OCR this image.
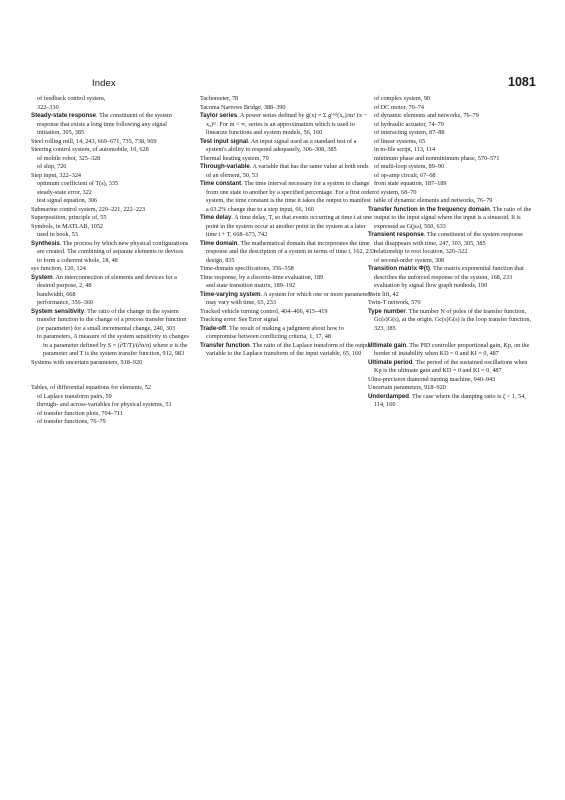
Index	1081

of feedback control system,

322–330

Steady-state response. The constituent of the system response that exists a long time following any signal initiation, 305, 385

Steel rolling mill, 14, 243, 669–671, 735, 738, 969

Steering control system, of automobile, 10, 628

of mobile robot, 325–328

of ship, 726

Step input, 322–324

optimum coefficient of T(s), 335

steady-state error, 322

test signal equation, 306

Submarine control system, 220–221, 222–223

Superposition, principle of, 55

Symbols, in MATLAB, 1052

used in book, 53

Synthesis. The process by which new physical configurations are created. The combining of separate elements or devices to form a coherent whole, 18, 48

sys function, 120, 124

System. An interconnection of elements and devices for a desired purpose, 2, 48

bandwidth, 668

performance, 356–360

System sensitivity. The ratio of the change in the system transfer function to the change of a process transfer function (or parameter) for a small incremental change, 240, 303

to parameters, A measure of the system sensitivity to changes in a parameter defined by S = (∂T/T)/(∂α/α) where α is the parameter and T is the system transfer function, 912, 983

Systems with uncertain parameters, 918–920

Tables, of differential equations for elements, 52

of Laplace transform pairs, 59

through- and across-variables for physical systems, 51

of transfer function plots, 704–711

of transfer functions, 76–79

Tachometer, 78

Tacoma Narrows Bridge, 388–390

Taylor series. A power series defined by g(x) = Σ g⁽ᵐ⁾(x₀)/m! (x − x₀)ᵐ. For m < ∞, series is an approximation which is used to linearize functions and system models, 56, 160

Test input signal. An input signal used as a standard test of a system's ability to respond adequately, 306–308, 385

Thermal heating system, 79

Through-variable. A variable that has the same value at both ends of an element, 50, 53

Time constant. The time interval necessary for a system to change from one state to another by a specified percentage. For a first order system, the time constant is the time it takes the output to manifest a 63.2% change due to a step input, 66, 160

Time delay. A time delay, T, so that events occurring at time t at one point in the system occur at another point in the system at a later time t + T, 668–673, 742

Time domain. The mathematical domain that incorporates the time response and the description of a system in terms of time t, 162, 233

design, 835

Time-domain specifications, 356–358

Time response, by a discrete-time evaluation, 189

and state transition matrix, 189–192

Time-varying system. A system for which one or more parameters may vary with time, 65, 233

Tracked vehicle turning control, 404–406, 415–419

Tracking error. See Error signal

Trade-off. The result of making a judgment about how to compromise between conflicting criteria, 1, 17, 48

Transfer function. The ratio of the Laplace transform of the output variable to the Laplace transform of the input variable, 65, 160

of complex system, 90

of DC motor, 70–74

of dynamic elements and networks, 76–79

of hydraulic actuator, 74–79

of interacting system, 87–88

of linear systems, 65

in m-file script, 113, 114

minimum phase and nonminimum phase, 570–571

of multi-loop system, 89–90

of op-amp circuit, 67–68

from state equation, 187–189

of system, 68–70

table of dynamic elements and networks, 76–79

Transfer function in the frequency domain. The ratio of the output to the input signal where the input is a sinusoid. It is expressed as G(jω), 560, 633

Transient response. The constituent of the system response that disappears with time, 247, 303, 305, 385

relationship to root location, 320–322

of second-order system, 308

Transition matrix Φ(t). The matrix exponential function that describes the unforced response of the system, 168, 233

evaluation by signal flow graph methods, 190

Twin lift, 42

Twin-T network, 570

Type number. The number N of poles of the transfer function, Gc(s)G(s), at the origin. Gc(s)G(s) is the loop transfer function, 323, 385

Ultimate gain. The PID controller proportional gain, Kp, on the border of instability when KD = 0 and KI = 0, 487

Ultimate period. The period of the sustained oscillations when Kp is the ultimate gain and KD = 0 and KI = 0, 487

Ultra-precision diamond turning machine, 940–943

Uncertain parameters, 918–920

Underdamped. The case where the damping ratio is ζ < 1, 54, 114, 160
